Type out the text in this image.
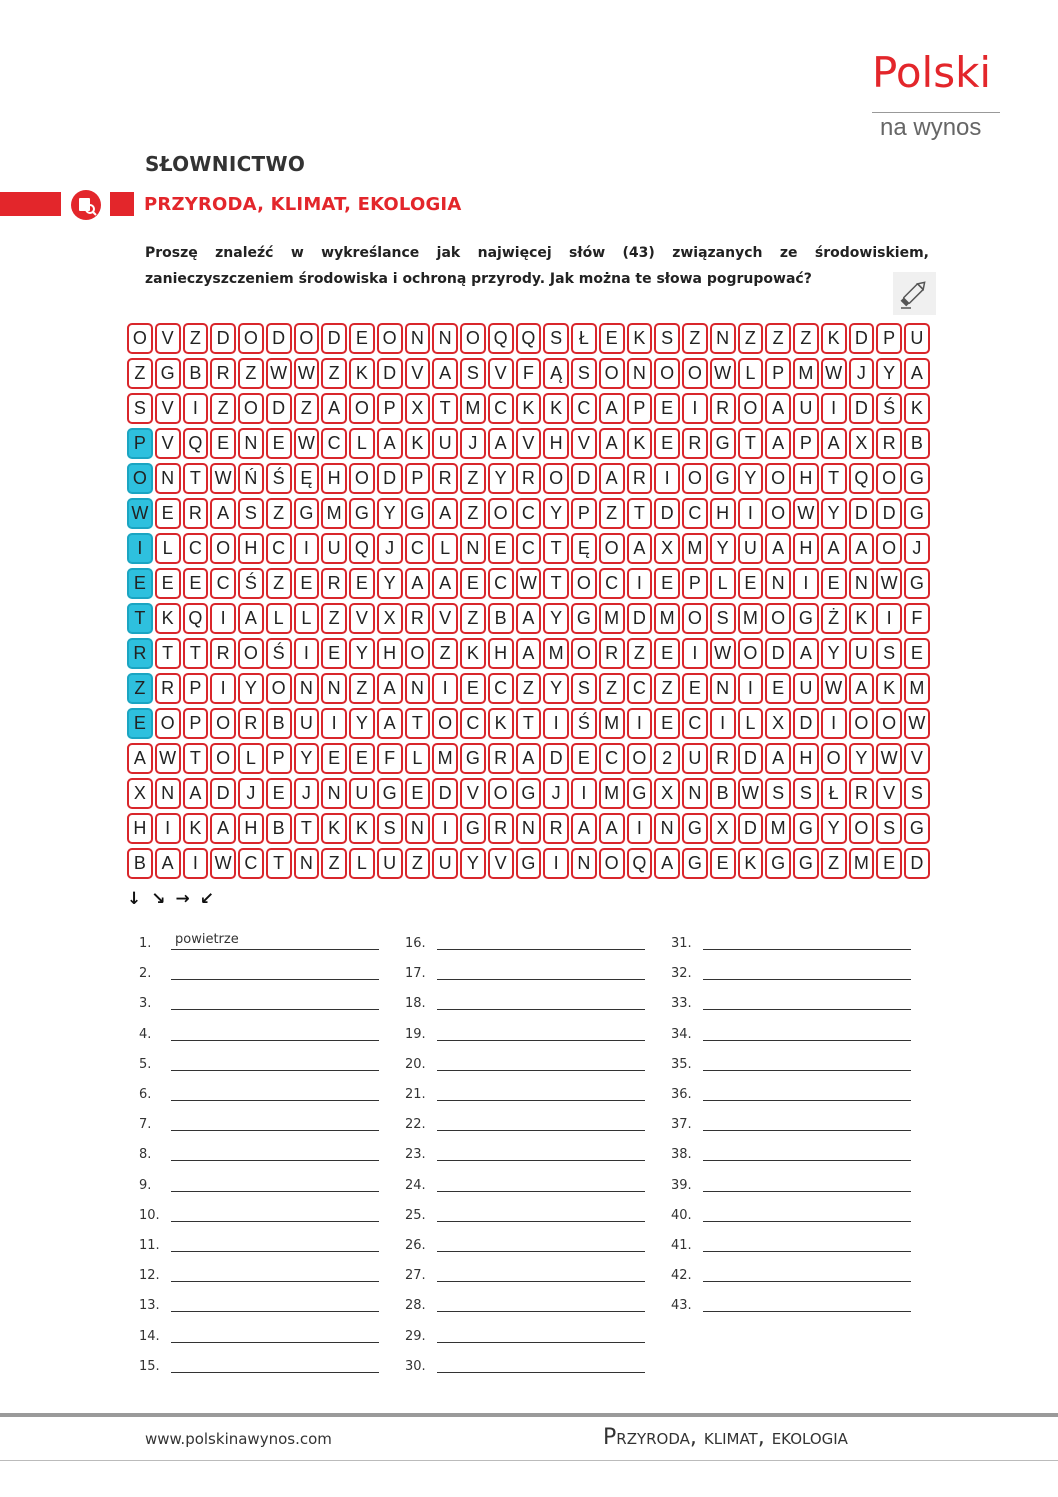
Polski
na wynos
SŁOWNICTWO
PRZYRODA, KLIMAT, EKOLOGIA
Proszę znaleźć w wykreślance jak najwięcej słów (43) związanych ze środowiskiem, zanieczyszczeniem środowiska i ochroną przyrody. Jak można te słowa pogrupować?
O V Z D O D O D E O N N O Q Q S Ł E K S Z N Z Z Z K D P U
Z G B R Z W W Z K D V A S V F Ą S O N O O W L P M W J Y A
S V	I	Z O D Z A O P X T M C K K C A P E	I	R O A U	I	D Ś K
P V Q E N E W C L A K U J A V H V A K E R G T A P A X R B
O N T W Ń Ś Ę H O D P R Z Y R O D A R	I	O G Y O H T Q O G
W E R A S Z G M G Y G A Z O C Y P Z T D C H	I	O W Y D D G
I	L C O H C	I	U Q J C L N E C T Ę O A X M Y U A H A A O J
E E E C Ś Z E R E Y A A E C W T O C	I	E P L E N	I	E N W G
T K Q	I	A L L Z V X R V Z B A Y G M D M O S M O G Ż K	I	F
R T T R O Ś	I	E Y H O Z K H A M O R Z E	I W O D A Y U S E
Z R P	I	Y O N N Z A N	I	E C Z Y S Z C Z E N	I	E U W A K M
E O P O R B U	I	Y A T O C K T	I	Ś M I	E C	I	L X D	I	O O W
A W T O L P Y E E F L M G R A D E C O 2 U R D A H O Y W V
X N A D J E J N U G E D V O G J	I M G X N B W S S Ł R V S
H	I	K A H B T K K S N	I	G R N R A A	I	N G X D M G Y O S G
B A	I W C T N Z L U Z U Y V G	I	N O Q A G E K G G Z M E D
↓↘→↙
1. powietrze
2.
3.
4.
5.
6.
7.
8.
9.
10.
11.
12.
13.
14.
15.
16.
17.
18.
19.
20.
21.
22.
23.
24.
25.
26.
27.
28.
29.
30.
31.
32.
33.
34.
35.
36.
37.
38.
39.
40.
41.
42.
43.
www.polskinawynos.com	Przyroda, klimat, ekologia
